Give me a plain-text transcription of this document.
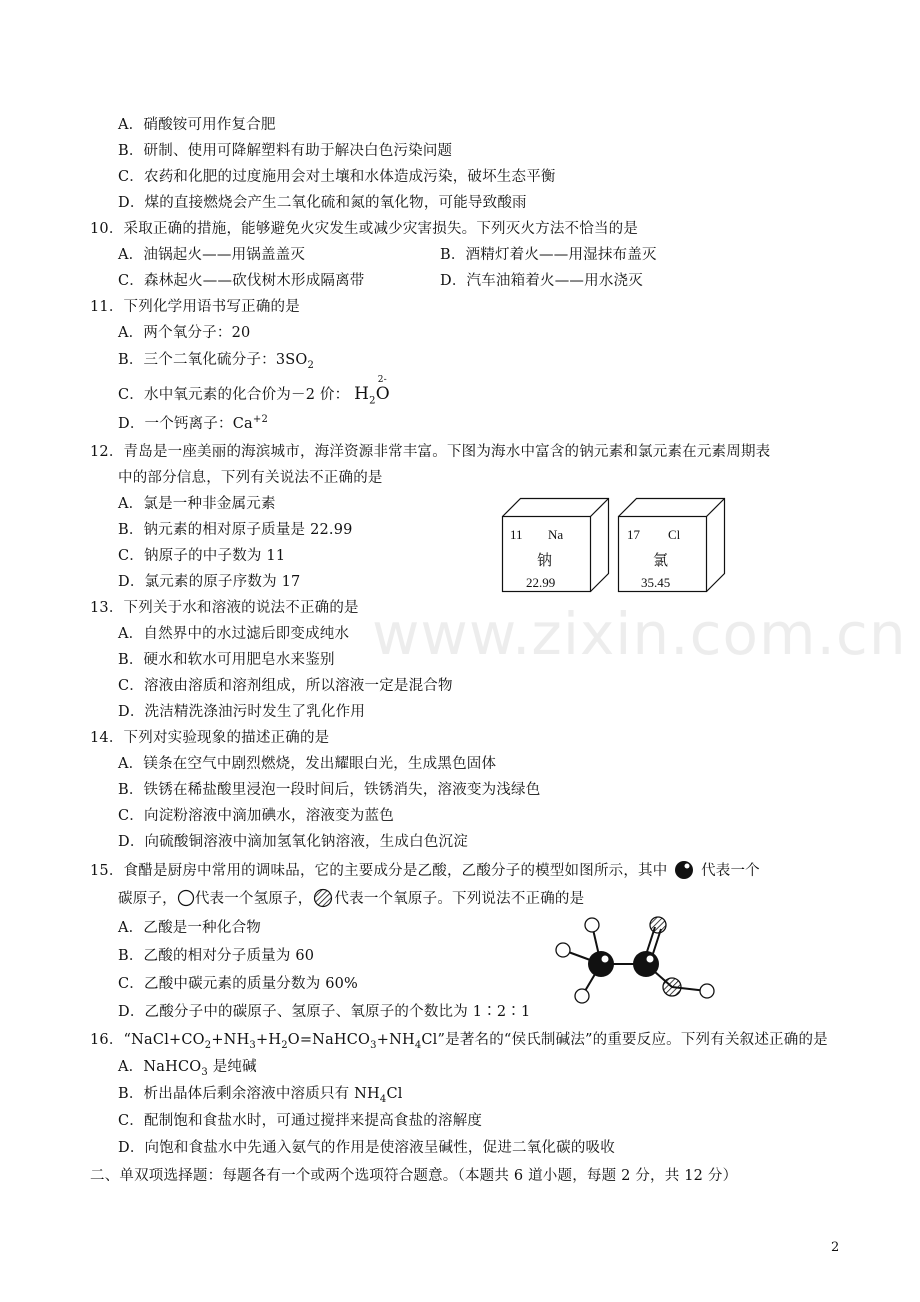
A．硝酸铵可用作复合肥
B．研制、使用可降解塑料有助于解决白色污染问题
C．农药和化肥的过度施用会对土壤和水体造成污染，破坏生态平衡
D．煤的直接燃烧会产生二氧化硫和氮的氧化物，可能导致酸雨
10．采取正确的措施，能够避免火灾发生或减少灾害损失。下列灭火方法不恰当的是
A．油锅起火——用锅盖盖灭	B．酒精灯着火——用湿抹布盖灭
C．森林起火——砍伐树木形成隔离带	D．汽车油箱着火——用水浇灭
11．下列化学用语书写正确的是
A．两个氧分子：20
B．三个二氧化硫分子：$3SO_2$
C．水中氧元素的化合价为－2 价： $H_2O$
2-
D．一个钙离子：$Ca^{+2}$
12．青岛是一座美丽的海滨城市，海洋资源非常丰富。下图为海水中富含的钠元素和氯元素在元素周期表
中的部分信息，下列有关说法不正确的是
A．氯是一种非金属元素
B．钠元素的相对原子质量是 22.99
C．钠原子的中子数为 11
D．氯元素的原子序数为 17
11 Na
钠
22.99
17 Cl
氯
35.45
13．下列关于水和溶液的说法不正确的是
A．自然界中的水过滤后即变成纯水
B．硬水和软水可用肥皂水来鉴别
C．溶液由溶质和溶剂组成，所以溶液一定是混合物
D．洗洁精洗涤油污时发生了乳化作用
14．下列对实验现象的描述正确的是
A．镁条在空气中剧烈燃烧，发出耀眼白光，生成黑色固体
B．铁锈在稀盐酸里浸泡一段时间后，铁锈消失，溶液变为浅绿色
C．向淀粉溶液中滴加碘水，溶液变为蓝色
D．向硫酸铜溶液中滴加氢氧化钠溶液，生成白色沉淀
15．食醋是厨房中常用的调味品，它的主要成分是乙酸，乙酸分子的模型如图所示，其中 代表一个
碳原子， 代表一个氢原子， 代表一个氧原子。下列说法不正确的是
A．乙酸是一种化合物
B．乙酸的相对分子质量为 60
C．乙酸中碳元素的质量分数为 60%
D．乙酸分子中的碳原子、氢原子、氧原子的个数比为 1∶2∶1
16．“$NaCl+CO_2+NH_3+H_2O=NaHCO_3+NH_4Cl$”是著名的“侯氏制碱法”的重要反应。下列有关叙述正确的是
A．NaHCO$_3$ 是纯碱
B．析出晶体后剩余溶液中溶质只有 $NH_4Cl$
C．配制饱和食盐水时，可通过搅拌来提高食盐的溶解度
D．向饱和食盐水中先通入氨气的作用是使溶液呈碱性，促进二氧化碳的吸收
二、单双项选择题：每题各有一个或两个选项符合题意。（本题共 6 道小题，每题 2 分，共 12 分）
www.zixin.com.cn
2
